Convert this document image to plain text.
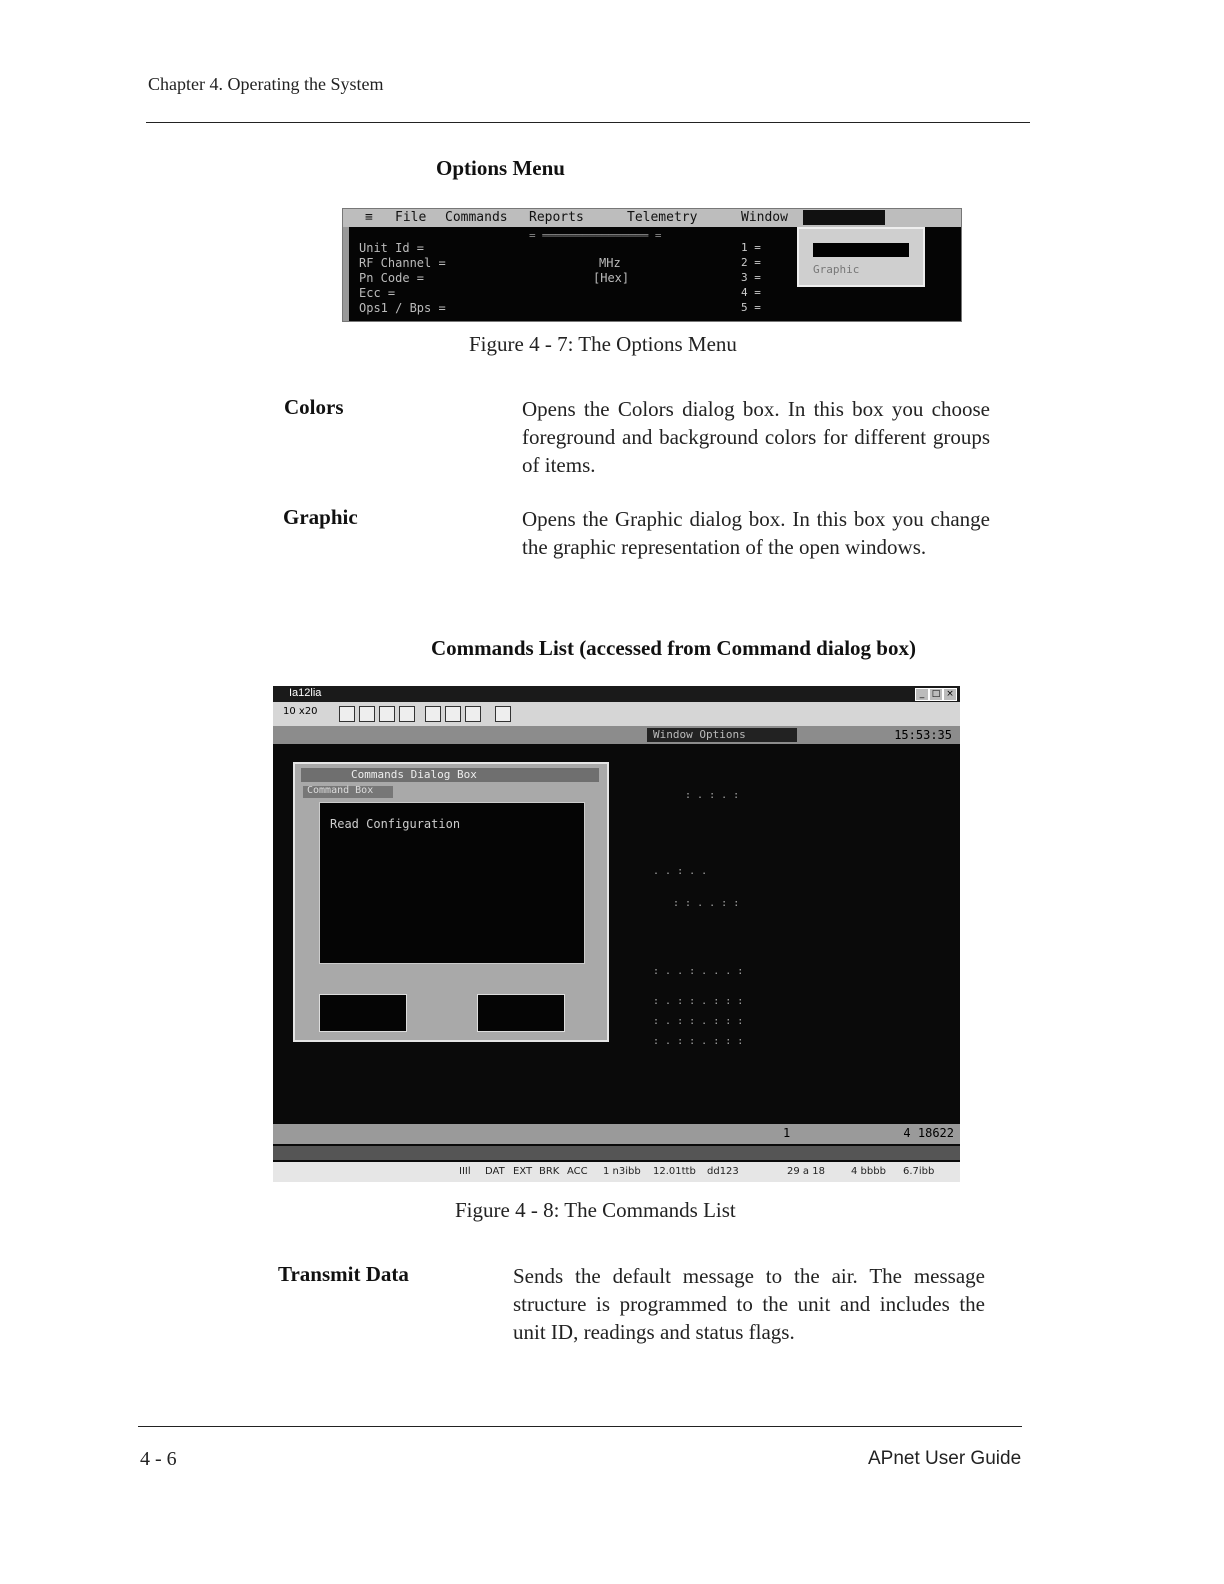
Chapter 4. Operating the System
Options Menu
≡ File Commands Reports	Telemetry	Window
= ════════════════ =
Unit Id =
RF Channel =
Pn Code =
Ecc =
Ops1 / Bps =
MHz
[Hex]
1 =
2 =
3 =
4 =
5 =
Colors
Graphic
Figure 4 - 7: The Options Menu
Colors	Opens the Colors dialog box. In this box you choose foreground and background colors for different groups of items.
Graphic	Opens the Graphic dialog box. In this box you change the graphic representation of the open windows.
Commands List (accessed from Command dialog box)
Ia12lia	_ □ ×
10 x20
Window Options	15:53:35
Commands Dialog Box
Command Box
Read Configuration
: . : . :
. . : . .
: : . . : :
: . . : . . . :
: . : : . : : :
: . : : . : : :
: . : : . : : :
1	4 18622
IIIl DAT EXT BRK ACC 1 n3ibb 12.01ttb dd123	29 a 18	4 bbbb 6.7ibb
Figure 4 - 8: The Commands List
Transmit Data	Sends the default message to the air. The message structure is programmed to the unit and includes the unit ID, readings and status flags.
4 - 6	APnet User Guide
